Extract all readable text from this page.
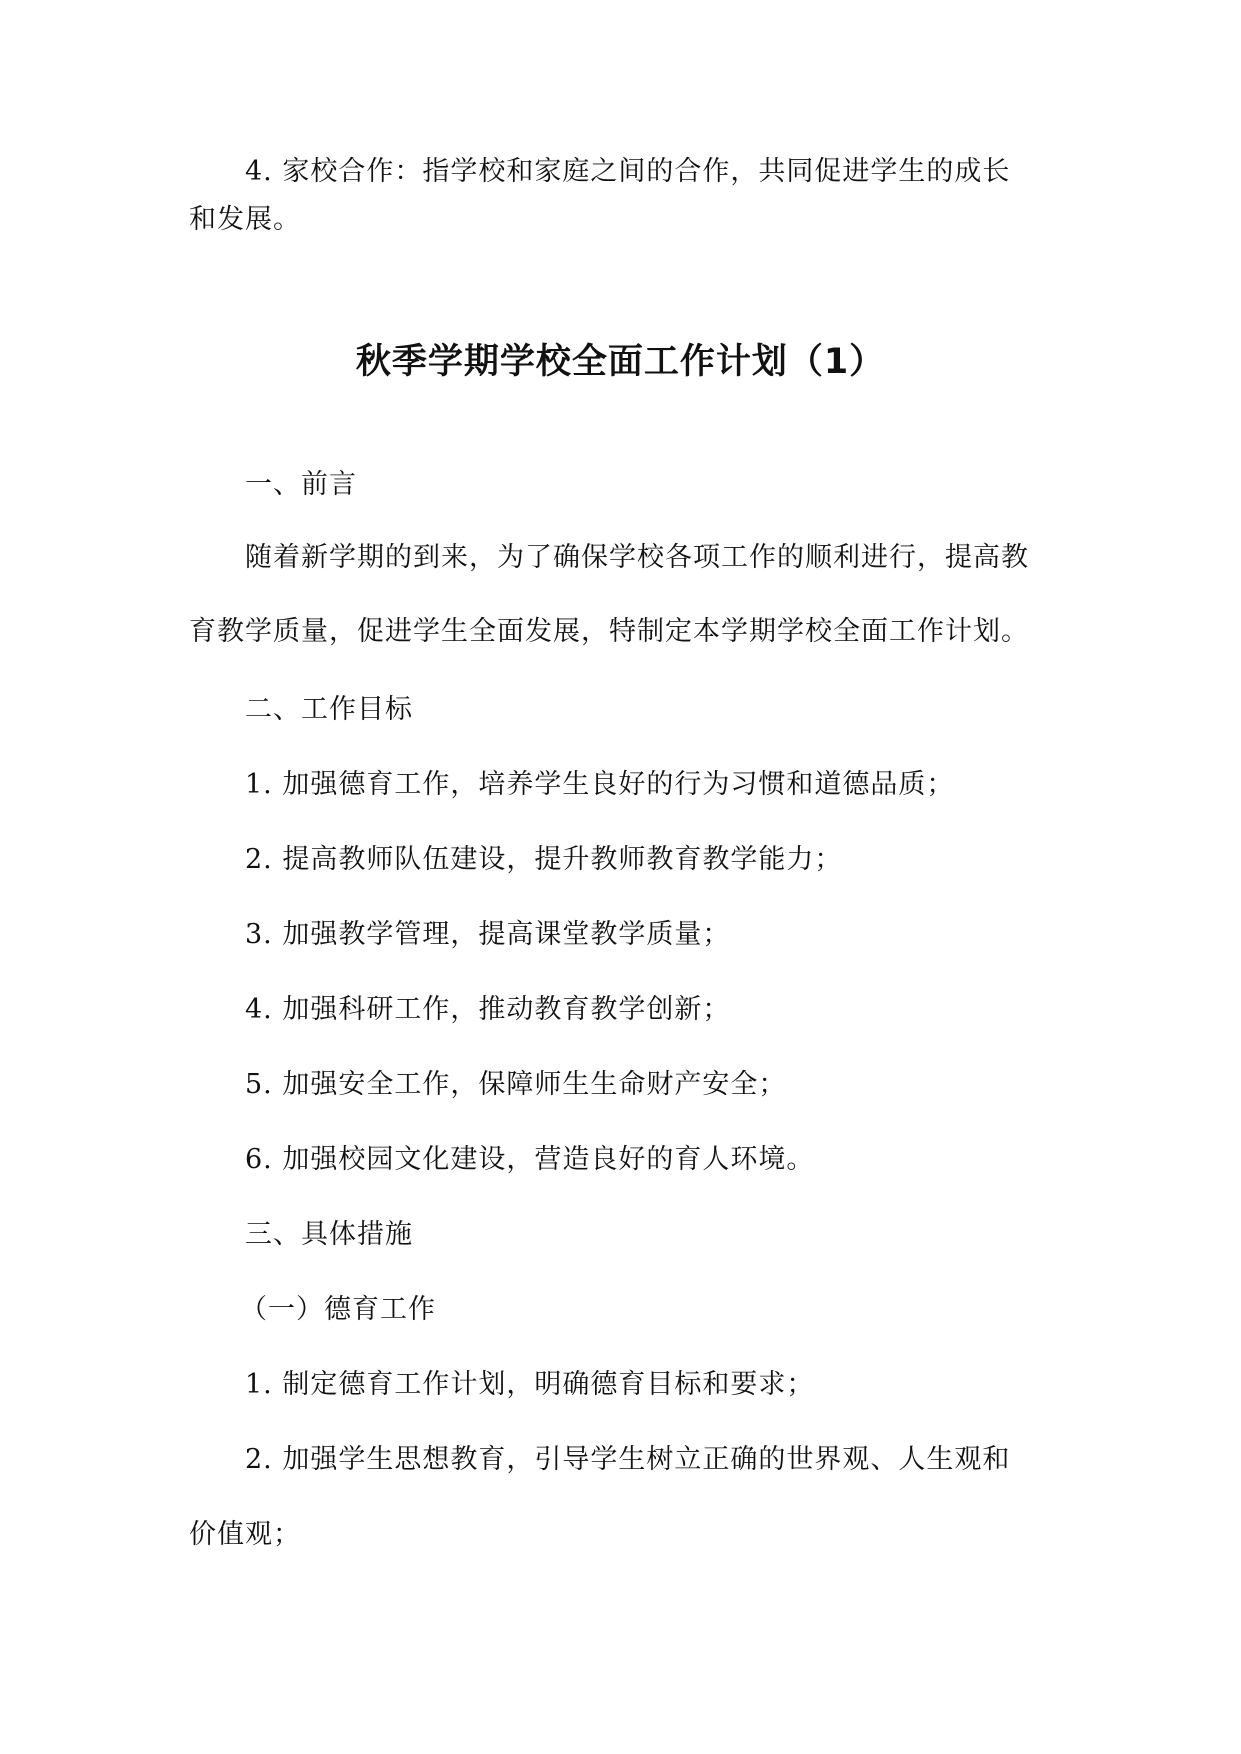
4. 家校合作：指学校和家庭之间的合作，共同促进学生的成长
和发展。
秋季学期学校全面工作计划（1）
一、前言
随着新学期的到来，为了确保学校各项工作的顺利进行，提高教
育教学质量，促进学生全面发展，特制定本学期学校全面工作计划。
二、工作目标
1. 加强德育工作，培养学生良好的行为习惯和道德品质；
2. 提高教师队伍建设，提升教师教育教学能力；
3. 加强教学管理，提高课堂教学质量；
4. 加强科研工作，推动教育教学创新；
5. 加强安全工作，保障师生生命财产安全；
6. 加强校园文化建设，营造良好的育人环境。
三、具体措施
（一）德育工作
1. 制定德育工作计划，明确德育目标和要求；
2. 加强学生思想教育，引导学生树立正确的世界观、人生观和
价值观；
